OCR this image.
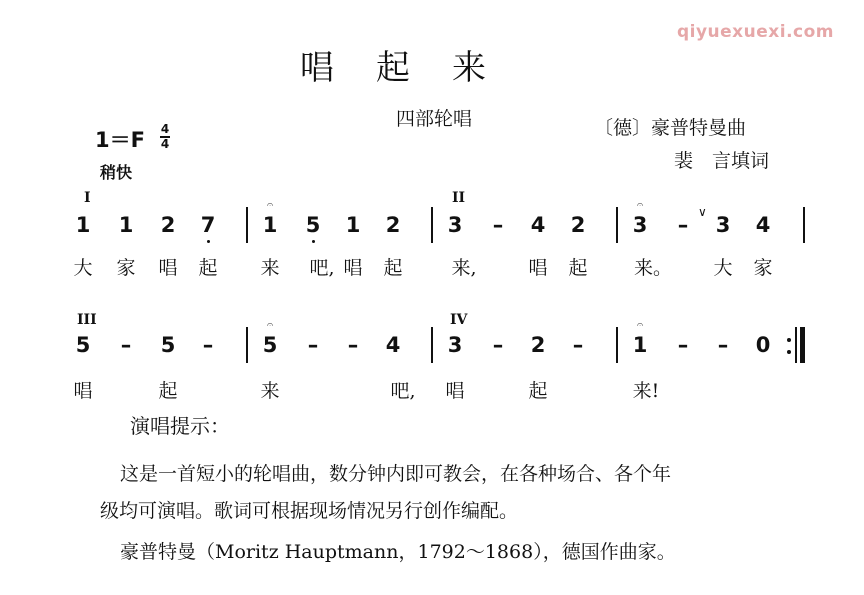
qiyuexuexi.com
唱起来
四部轮唱	〔德〕豪普特曼曲
裴　言填词
1＝F 4
4
稍快
I	II
III	IV
1 1 2 7 1 5 1 2 3 – 4 2 3 – 3 4
𝄐	𝄐
∨
大 家 唱 起 来 吧, 唱 起	来,	唱 起 来。 大 家
5 – 5 – 5 – – 4 3 – 2 – 1 – – 0
𝄐	𝄐
唱	起	来	吧, 唱	起	来!
演唱提示：
这是一首短小的轮唱曲，数分钟内即可教会，在各种场合、各个年
级均可演唱。歌词可根据现场情况另行创作编配。
豪普特曼（Moritz Hauptmann，1792～1868），德国作曲家。
